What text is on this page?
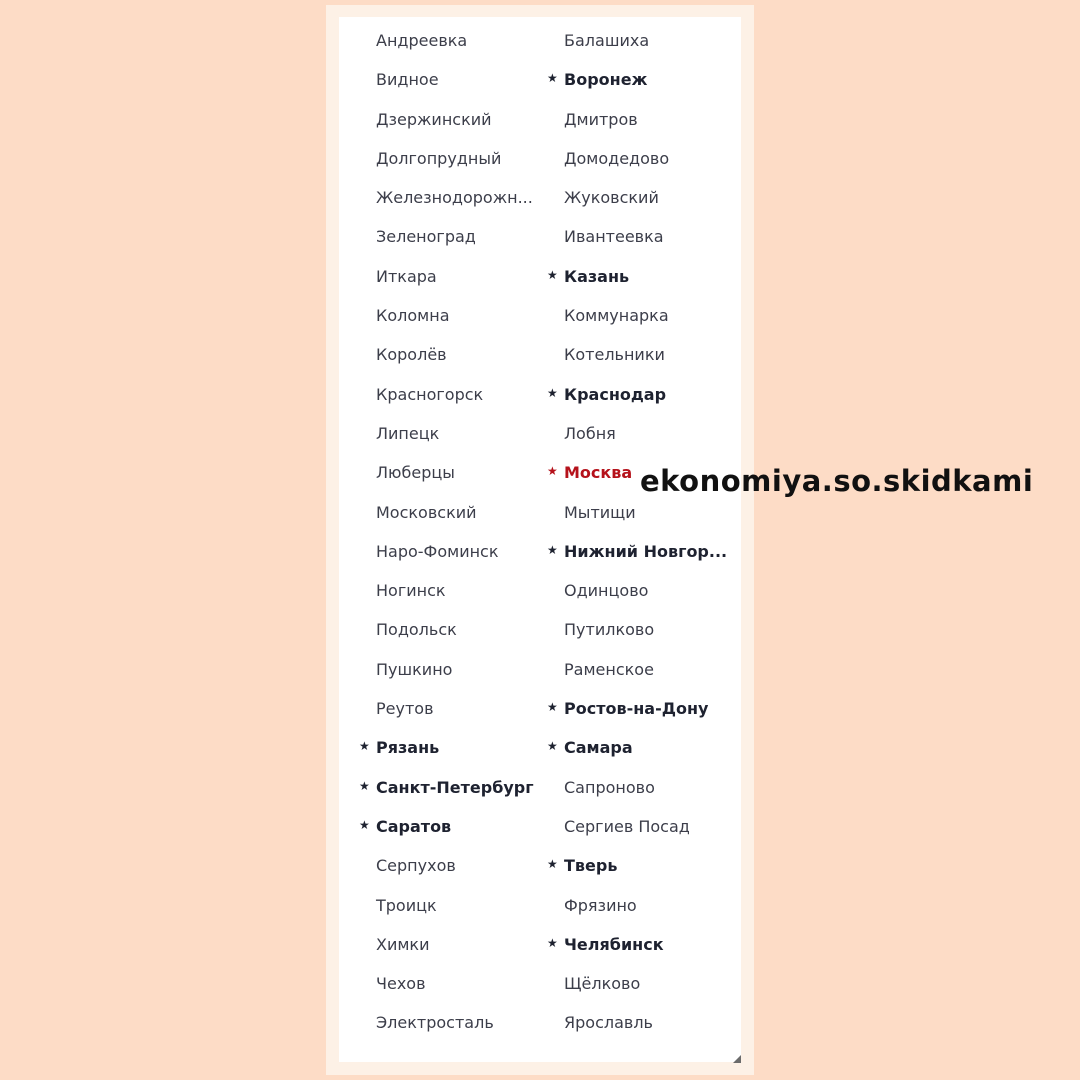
Андреевка
Видное
Дзержинский
Долгопрудный
Железнодорожн...
Зеленоград
Иткара
Коломна
Королёв
Красногорск
Липецк
Люберцы
Московский
Наро-Фоминск
Ногинск
Подольск
Пушкино
Реутов
★ Рязань
★ Санкт-Петербург
★ Саратов
Серпухов
Троицк
Химки
Чехов
Электросталь
Балашиха
★ Воронеж
Дмитров
Домодедово
Жуковский
Ивантеевка
★ Казань
Коммунарка
Котельники
★ Краснодар
Лобня
★ Москва
Мытищи
★ Нижний Новгор...
Одинцово
Путилково
Раменское
★ Ростов-на-Дону
★ Самара
Сапроново
Сергиев Посад
★ Тверь
Фрязино
★ Челябинск
Щёлково
Ярославль
ekonomiya.so.skidkami
